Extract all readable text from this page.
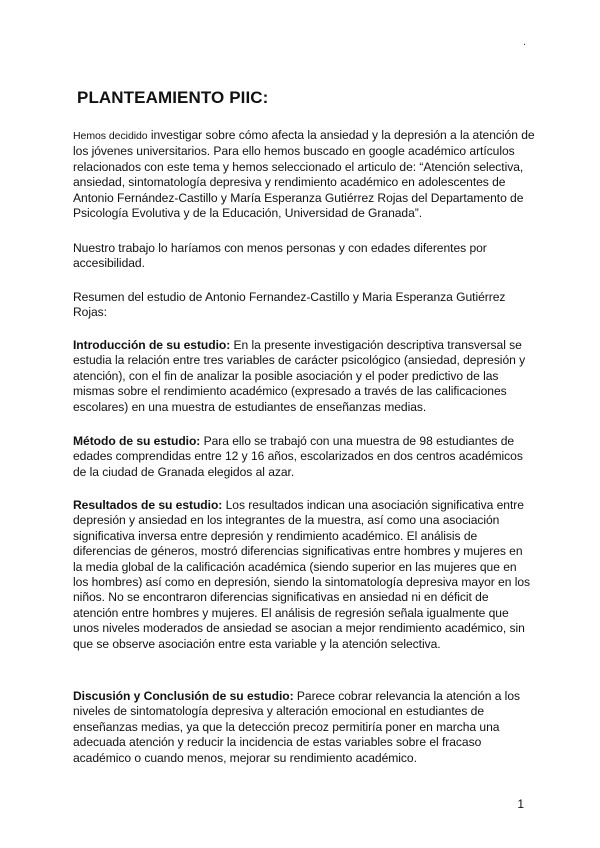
.
PLANTEAMIENTO PIIC:

Hemos decidido investigar sobre cómo afecta la ansiedad y la depresión a la atención de los jóvenes universitarios. Para ello hemos buscado en google académico artículos relacionados con este tema y hemos seleccionado el articulo de: “Atención selectiva, ansiedad, sintomatología depresiva y rendimiento académico en adolescentes de Antonio Fernández-Castillo y María Esperanza Gutiérrez Rojas del Departamento de Psicología Evolutiva y de la Educación, Universidad de Granada”.

Nuestro trabajo lo haríamos con menos personas y con edades diferentes por accesibilidad.

Resumen del estudio de Antonio Fernandez-Castillo y Maria Esperanza Gutiérrez Rojas:

Introducción de su estudio: En la presente investigación descriptiva transversal se estudia la relación entre tres variables de carácter psicológico (ansiedad, depresión y atención), con el fin de analizar la posible asociación y el poder predictivo de las mismas sobre el rendimiento académico (expresado a través de las calificaciones escolares) en una muestra de estudiantes de enseñanzas medias.

Método de su estudio: Para ello se trabajó con una muestra de 98 estudiantes de edades comprendidas entre 12 y 16 años, escolarizados en dos centros académicos de la ciudad de Granada elegidos al azar.

Resultados de su estudio: Los resultados indican una asociación significativa entre depresión y ansiedad en los integrantes de la muestra, así como una asociación significativa inversa entre depresión y rendimiento académico. El análisis de diferencias de géneros, mostró diferencias significativas entre hombres y mujeres en la media global de la calificación académica (siendo superior en las mujeres que en los hombres) así como en depresión, siendo la sintomatología depresiva mayor en los niños. No se encontraron diferencias significativas en ansiedad ni en déficit de atención entre hombres y mujeres. El análisis de regresión señala igualmente que unos niveles moderados de ansiedad se asocian a mejor rendimiento académico, sin que se observe asociación entre esta variable y la atención selectiva.

Discusión y Conclusión de su estudio: Parece cobrar relevancia la atención a los niveles de sintomatología depresiva y alteración emocional en estudiantes de enseñanzas medias, ya que la detección precoz permitiría poner en marcha una adecuada atención y reducir la incidencia de estas variables sobre el fracaso académico o cuando menos, mejorar su rendimiento académico.

1
